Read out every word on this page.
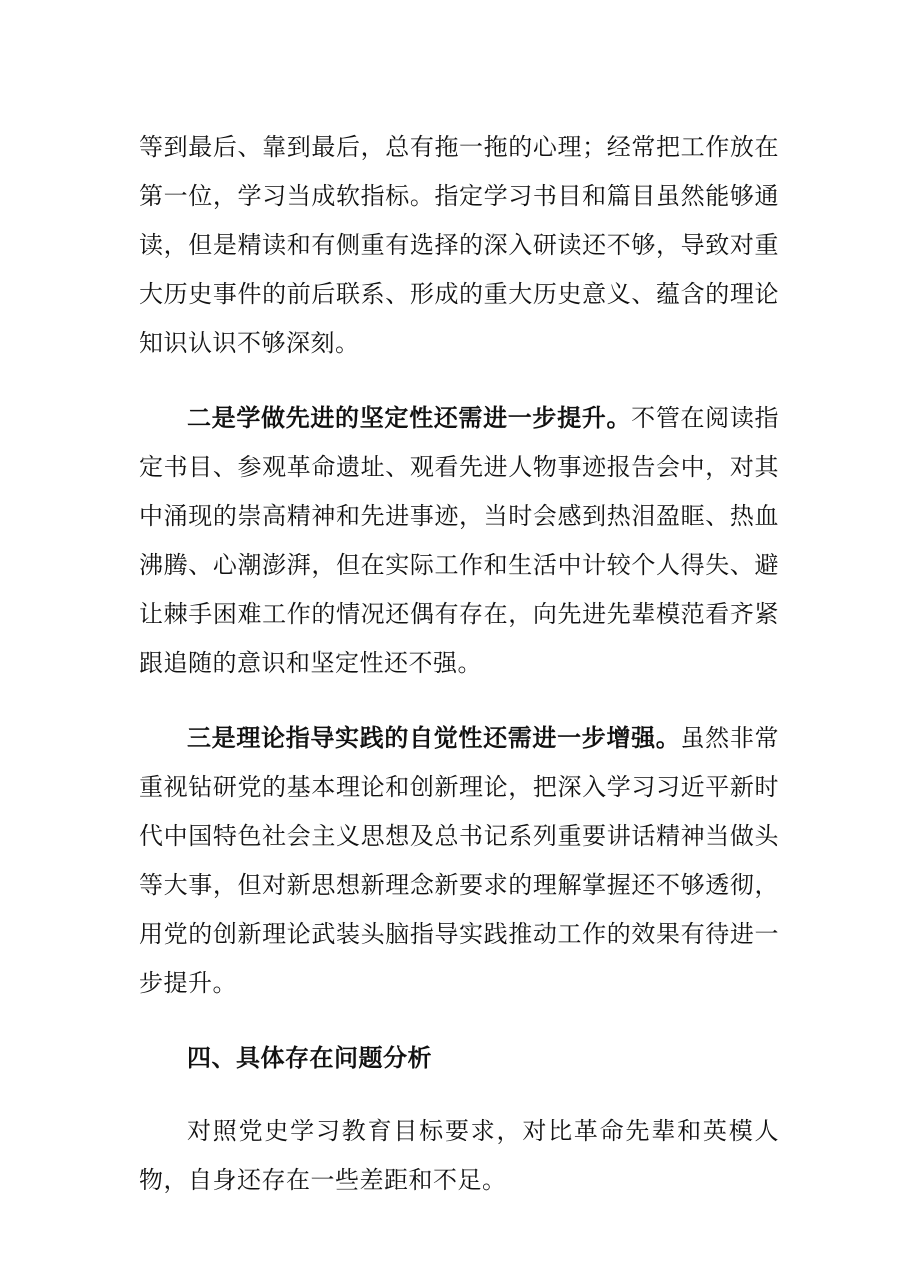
等到最后、靠到最后，总有拖一拖的心理；经常把工作放在第一位，学习当成软指标。指定学习书目和篇目虽然能够通读，但是精读和有侧重有选择的深入研读还不够，导致对重大历史事件的前后联系、形成的重大历史意义、蕴含的理论知识认识不够深刻。

二是学做先进的坚定性还需进一步提升。不管在阅读指定书目、参观革命遗址、观看先进人物事迹报告会中，对其中涌现的崇高精神和先进事迹，当时会感到热泪盈眶、热血沸腾、心潮澎湃，但在实际工作和生活中计较个人得失、避让棘手困难工作的情况还偶有存在，向先进先辈模范看齐紧跟追随的意识和坚定性还不强。

三是理论指导实践的自觉性还需进一步增强。虽然非常重视钻研党的基本理论和创新理论，把深入学习习近平新时代中国特色社会主义思想及总书记系列重要讲话精神当做头等大事，但对新思想新理念新要求的理解掌握还不够透彻，用党的创新理论武装头脑指导实践推动工作的效果有待进一步提升。

四、具体存在问题分析

对照党史学习教育目标要求，对比革命先辈和英模人物，自身还存在一些差距和不足。
